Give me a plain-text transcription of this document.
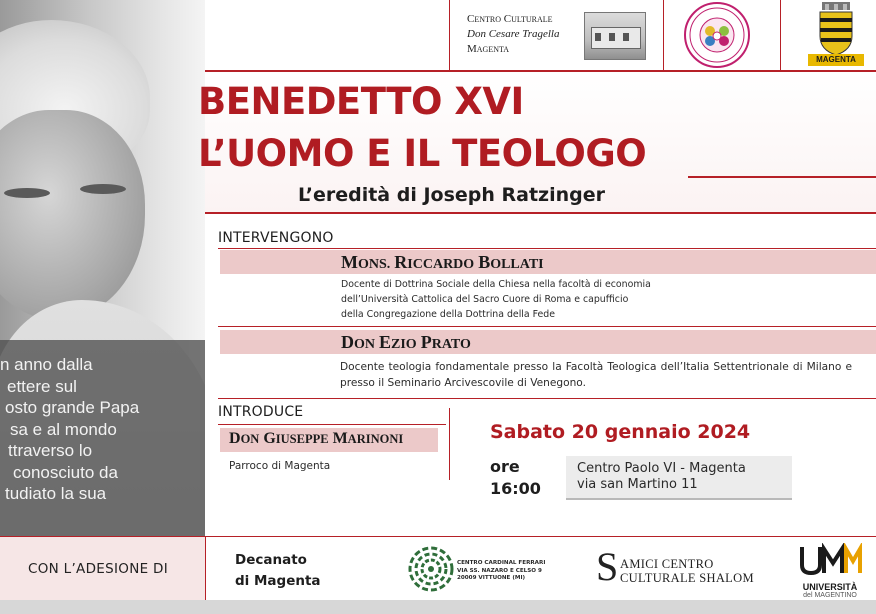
n anno dalla
ettere sul
osto grande Papa
sa e al mondo
ttraverso lo
conosciuto da
tudiato la sua
Centro Culturale
Don Cesare Tragella
Magenta
MAGENTA
BENEDETTO XVI
L’UOMO E IL TEOLOGO
L’eredità di Joseph Ratzinger
INTERVENGONO
MONS. RICCARDO BOLLATI
Docente di Dottrina Sociale della Chiesa nella facoltà di economia
dell’Università Cattolica del Sacro Cuore di Roma e capufficio
della Congregazione della Dottrina della Fede
DON EZIO PRATO
Docente teologia fondamentale presso la Facoltà Teologica dell’Italia Settentrionale di Milano e presso il Seminario Arcivescovile di Venegono.
INTRODUCE
DON GIUSEPPE MARINONI
Parroco di Magenta
Sabato 20 gennaio 2024
ore
16:00
Centro Paolo VI - Magenta
via san Martino 11
CON L’ADESIONE DI
Decanato
di Magenta
CENTRO CARDINAL FERRARI
VIA SS. NAZARO E CELSO 9
20009 VITTUONE (MI)	S AMICI CENTRO
CULTURALE SHALOM
UNIVERSITÀ
del MAGENTINO
